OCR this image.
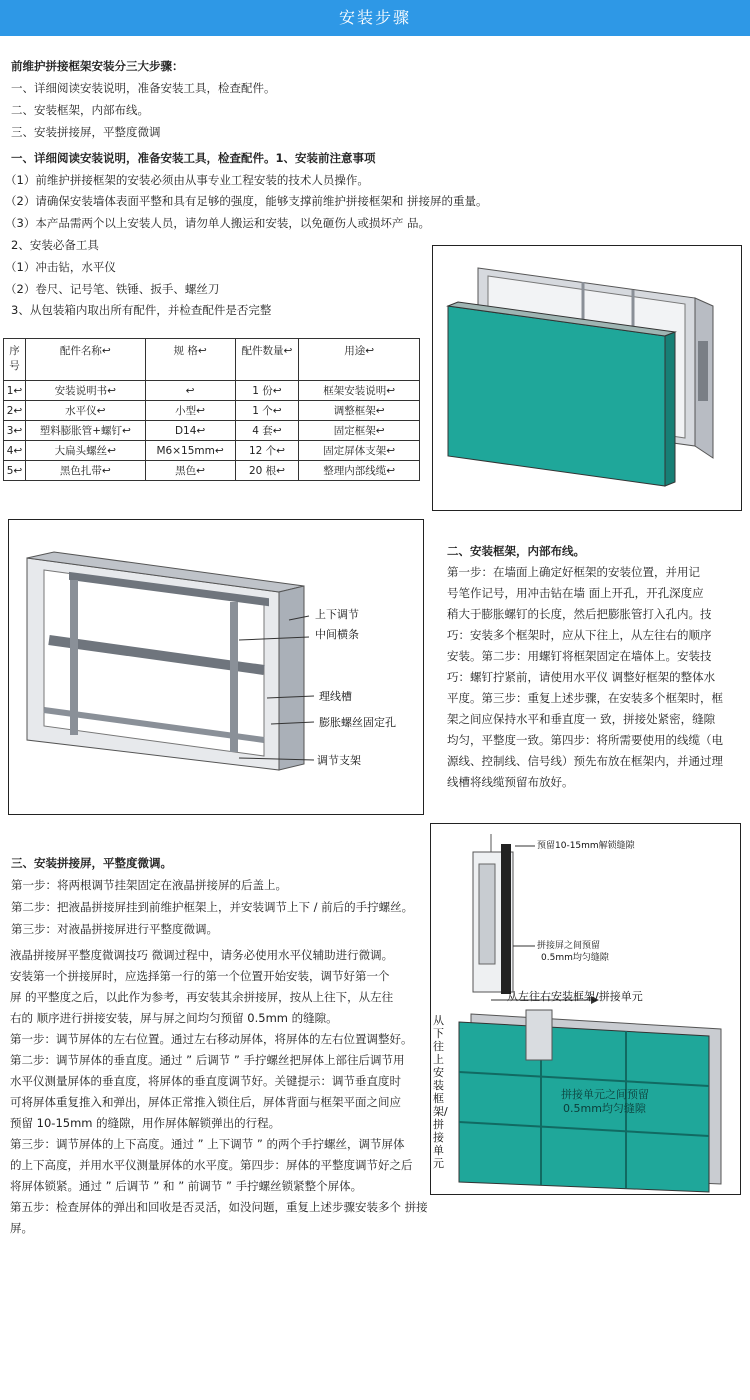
安装步骤
前维护拼接框架安装分三大步骤：
一、详细阅读安装说明，准备安装工具，检查配件。
二、安装框架，内部布线。
三、安装拼接屏，平整度微调
一、详细阅读安装说明，准备安装工具，检查配件。1、安装前注意事项
（1）前维护拼接框架的安装必须由从事专业工程安装的技术人员操作。
（2）请确保安装墙体表面平整和具有足够的强度，能够支撑前维护拼接框架和 拼接屏的重量。
（3）本产品需两个以上安装人员，请勿单人搬运和安装，以免砸伤人或损坏产 品。
2、安装必备工具
（1）冲击钻，水平仪
（2）卷尺、记号笔、铁锤、扳手、螺丝刀
3、从包装箱内取出所有配件，并检查配件是否完整
序号	配件名称↩	规 格↩	配件数量↩	用途↩
1↩	安装说明书↩	↩	1 份↩	框架安装说明↩
2↩	水平仪↩	小型↩	1 个↩	调整框架↩
3↩	塑料膨胀管+螺钉↩	D14↩	4 套↩	固定框架↩
4↩	大扁头螺丝↩	M6×15mm↩	12 个↩	固定屏体支架↩
5↩	黑色扎带↩	黑色↩	20 根↩	整理内部线缆↩
上下调节
中间横条
理线槽
膨胀螺丝固定孔
调节支架
二、安装框架，内部布线。
第一步：在墙面上确定好框架的安装位置，并用记
号笔作记号，用冲击钻在墙 面上开孔，开孔深度应
稍大于膨胀螺钉的长度，然后把膨胀管打入孔内。技
巧：安装多个框架时，应从下往上，从左往右的顺序
安装。第二步：用螺钉将框架固定在墙体上。安装技
巧：螺钉拧紧前，请使用水平仪 调整好框架的整体水
平度。第三步：重复上述步骤，在安装多个框架时，框
架之间应保持水平和垂直度一 致，拼接处紧密，缝隙
均匀，平整度一致。第四步：将所需要使用的线缆（电
源线、控制线、信号线）预先布放在框架内，并通过理
线槽将线缆预留布放好。
三、安装拼接屏，平整度微调。
第一步：将两根调节挂架固定在液晶拼接屏的后盖上。
第二步：把液晶拼接屏挂到前维护框架上，并安装调节上下 / 前后的手拧螺丝。
第三步：对液晶拼接屏进行平整度微调。
液晶拼接屏平整度微调技巧 微调过程中，请务必使用水平仪辅助进行微调。
安装第一个拼接屏时，应选择第一行的第一个位置开始安装，调节好第一个
屏 的平整度之后，以此作为参考，再安装其余拼接屏，按从上往下，从左往
右的 顺序进行拼接安装，屏与屏之间均匀预留 0.5mm 的缝隙。
第一步：调节屏体的左右位置。通过左右移动屏体，将屏体的左右位置调整好。
第二步：调节屏体的垂直度。通过 ” 后调节 ” 手拧螺丝把屏体上部往后调节用
水平仪测量屏体的垂直度，将屏体的垂直度调节好。关键提示：调节垂直度时
可将屏体重复推入和弹出，屏体正常推入锁住后，屏体背面与框架平面之间应
预留 10-15mm 的缝隙，用作屏体解锁弹出的行程。
第三步：调节屏体的上下高度。通过 ” 上下调节 ” 的两个手拧螺丝，调节屏体
的上下高度，并用水平仪测量屏体的水平度。第四步：屏体的平整度调节好之后
将屏体锁紧。通过 ” 后调节 ” 和 ” 前调节 ” 手拧螺丝锁紧整个屏体。
第五步：检查屏体的弹出和回收是否灵活，如没问题，重复上述步骤安装多个 拼接屏。
预留10-15mm解锁缝隙
拼接屏之间预留
0.5mm均匀缝隙
从左往右安装框架/拼接单元
从下往上安装框架/拼接单元
拼接单元之间预留
0.5mm均匀缝隙
